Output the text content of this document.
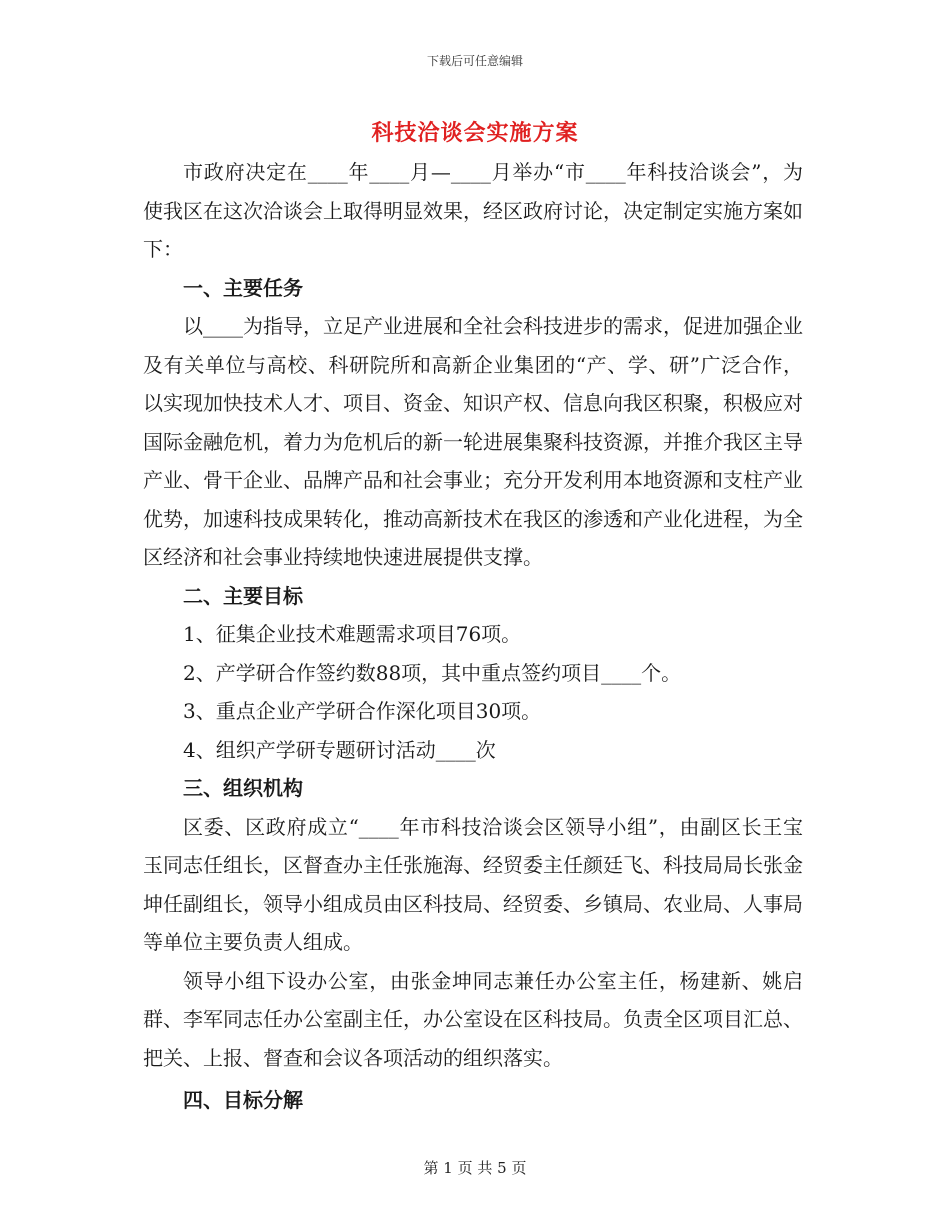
下载后可任意编辑
科技洽谈会实施方案

市政府决定在____年____月—____月举办“市____年科技洽谈会”，为使我区在这次洽谈会上取得明显效果，经区政府讨论，决定制定实施方案如下：

一、主要任务

以____为指导，立足产业进展和全社会科技进步的需求，促进加强企业及有关单位与高校、科研院所和高新企业集团的“产、学、研”广泛合作，以实现加快技术人才、项目、资金、知识产权、信息向我区积聚，积极应对国际金融危机，着力为危机后的新一轮进展集聚科技资源，并推介我区主导产业、骨干企业、品牌产品和社会事业；充分开发利用本地资源和支柱产业优势，加速科技成果转化，推动高新技术在我区的渗透和产业化进程，为全区经济和社会事业持续地快速进展提供支撑。

二、主要目标

1、征集企业技术难题需求项目76项。

2、产学研合作签约数88项，其中重点签约项目____个。

3、重点企业产学研合作深化项目30项。

4、组织产学研专题研讨活动____次

三、组织机构

区委、区政府成立“____年市科技洽谈会区领导小组”，由副区长王宝玉同志任组长，区督查办主任张施海、经贸委主任颜廷飞、科技局局长张金坤任副组长，领导小组成员由区科技局、经贸委、乡镇局、农业局、人事局等单位主要负责人组成。

领导小组下设办公室，由张金坤同志兼任办公室主任，杨建新、姚启群、李军同志任办公室副主任，办公室设在区科技局。负责全区项目汇总、把关、上报、督查和会议各项活动的组织落实。

四、目标分解

第 1 页 共 5 页
